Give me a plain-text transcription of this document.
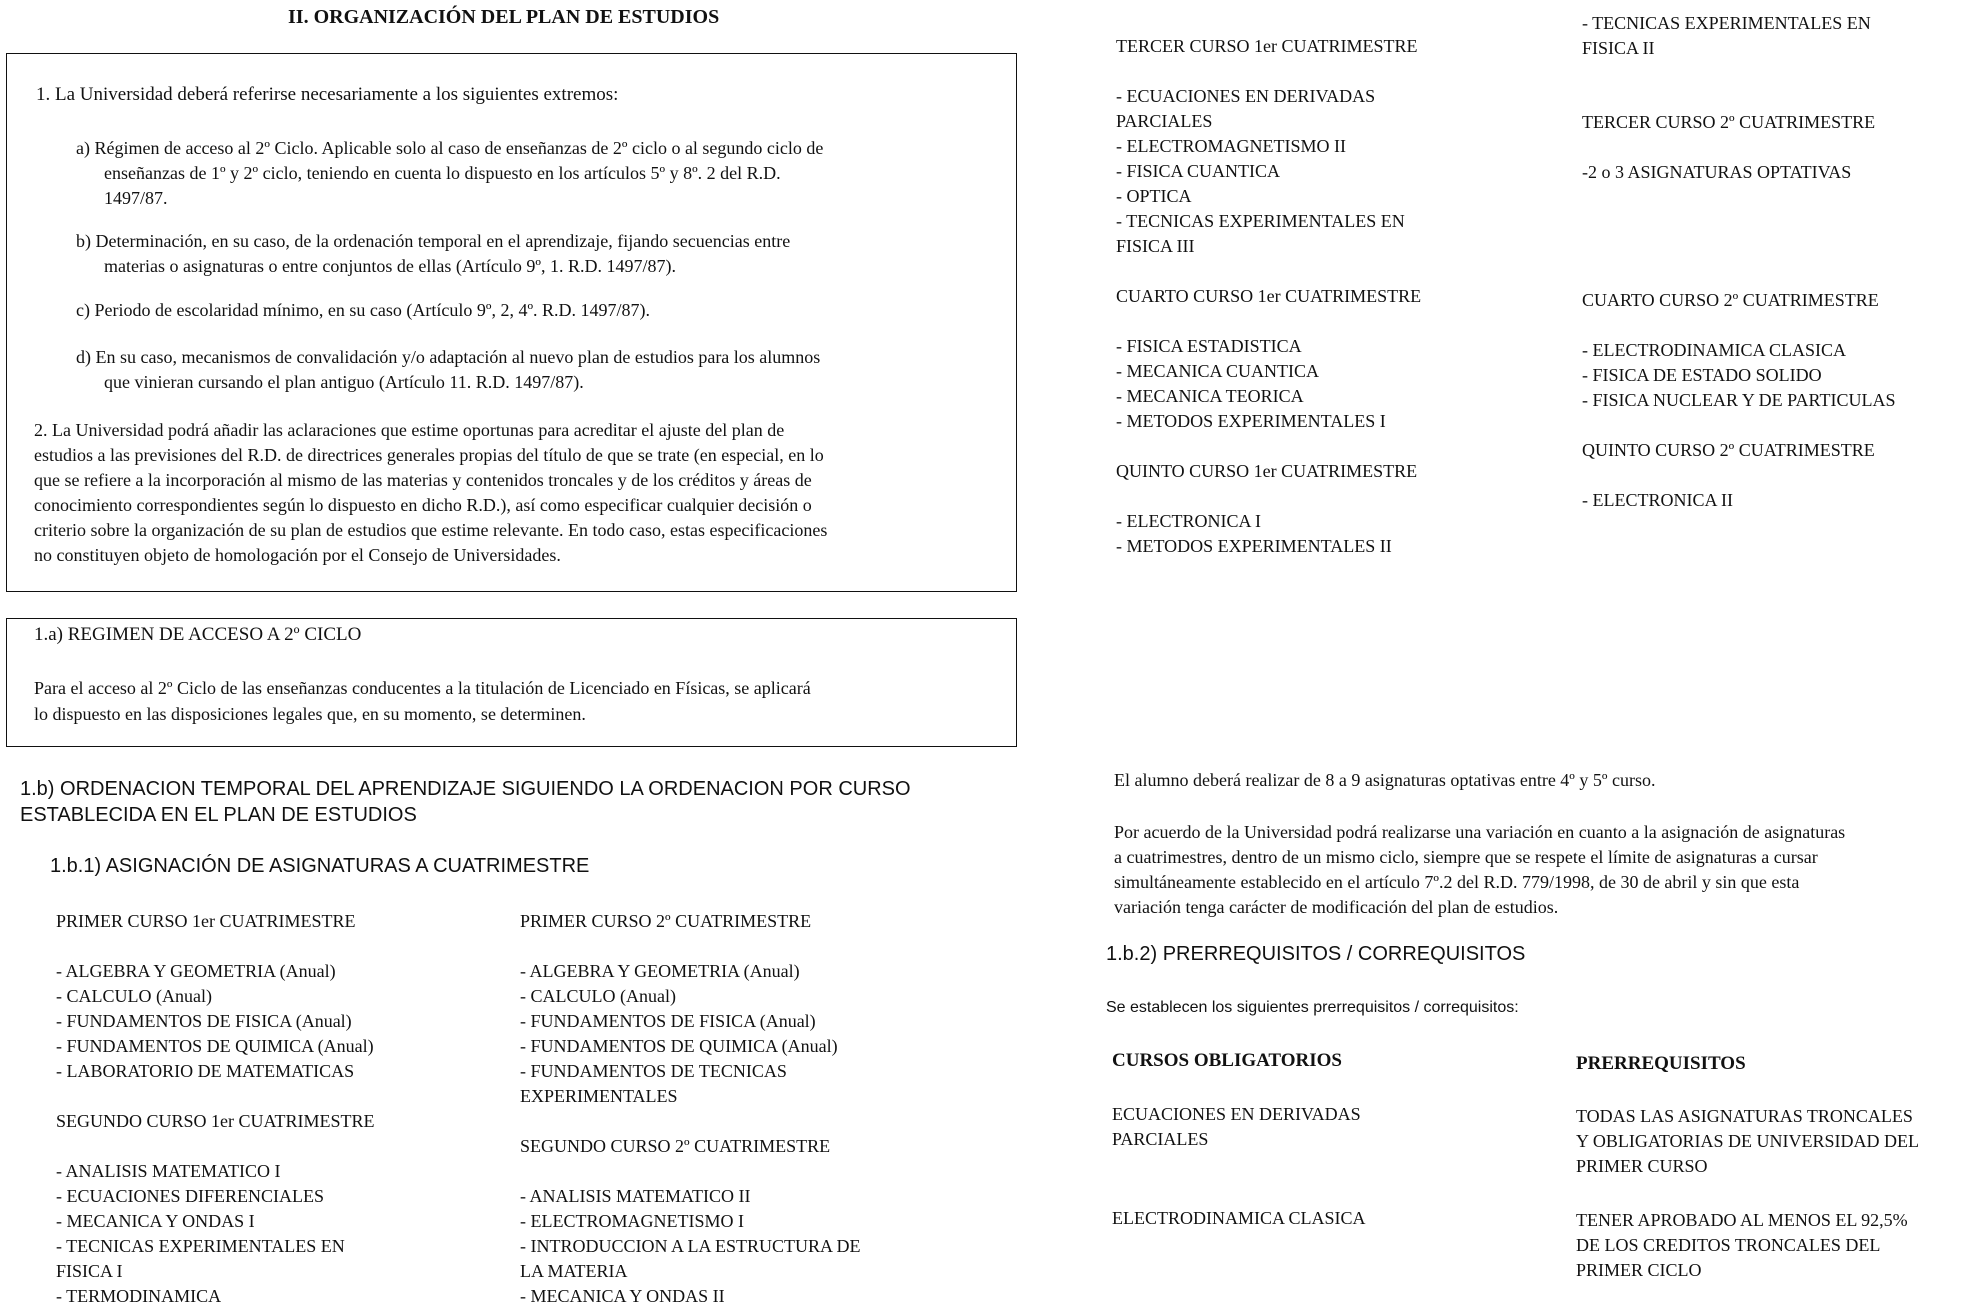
II. ORGANIZACIÓN DEL PLAN DE ESTUDIOS
1. La Universidad deberá referirse necesariamente a los siguientes extremos:
a) Régimen de acceso al 2º Ciclo. Aplicable solo al caso de enseñanzas de 2º ciclo o al segundo ciclo de
enseñanzas de 1º y 2º ciclo, teniendo en cuenta lo dispuesto en los artículos 5º y 8º. 2 del R.D.
1497/87.
b) Determinación, en su caso, de la ordenación temporal en el aprendizaje, fijando secuencias entre
materias o asignaturas o entre conjuntos de ellas (Artículo 9º, 1. R.D. 1497/87).
c) Periodo de escolaridad mínimo, en su caso (Artículo 9º, 2, 4º. R.D. 1497/87).
d) En su caso, mecanismos de convalidación y/o adaptación al nuevo plan de estudios para los alumnos
que vinieran cursando el plan antiguo (Artículo 11. R.D. 1497/87).
2. La Universidad podrá añadir las aclaraciones que estime oportunas para acreditar el ajuste del plan de
estudios a las previsiones del R.D. de directrices generales propias del título de que se trate (en especial, en lo
que se refiere a la incorporación al mismo de las materias y contenidos troncales y de los créditos y áreas de
conocimiento correspondientes según lo dispuesto en dicho R.D.), así como especificar cualquier decisión o
criterio sobre la organización de su plan de estudios que estime relevante. En todo caso, estas especificaciones
no constituyen objeto de homologación por el Consejo de Universidades.
1.a) REGIMEN DE ACCESO A 2º CICLO
Para el acceso al 2º Ciclo de las enseñanzas conducentes a la titulación de Licenciado en Físicas, se aplicará
lo dispuesto en las disposiciones legales que, en su momento, se determinen.
1.b) ORDENACION TEMPORAL DEL APRENDIZAJE SIGUIENDO LA ORDENACION POR CURSO
ESTABLECIDA EN EL PLAN DE ESTUDIOS
1.b.1) ASIGNACIÓN DE ASIGNATURAS A CUATRIMESTRE
PRIMER CURSO 1er CUATRIMESTRE
- ALGEBRA Y GEOMETRIA (Anual)
- CALCULO (Anual)
- FUNDAMENTOS DE FISICA (Anual)
- FUNDAMENTOS DE QUIMICA (Anual)
- LABORATORIO DE MATEMATICAS
SEGUNDO CURSO 1er CUATRIMESTRE
- ANALISIS MATEMATICO I
- ECUACIONES DIFERENCIALES
- MECANICA Y ONDAS I
- TECNICAS EXPERIMENTALES EN
FISICA I
- TERMODINAMICA
PRIMER CURSO 2º CUATRIMESTRE
- ALGEBRA Y GEOMETRIA (Anual)
- CALCULO (Anual)
- FUNDAMENTOS DE FISICA (Anual)
- FUNDAMENTOS DE QUIMICA (Anual)
- FUNDAMENTOS DE TECNICAS
EXPERIMENTALES
SEGUNDO CURSO 2º CUATRIMESTRE
- ANALISIS MATEMATICO II
- ELECTROMAGNETISMO I
- INTRODUCCION A LA ESTRUCTURA DE
LA MATERIA
- MECANICA Y ONDAS II
TERCER CURSO 1er CUATRIMESTRE
- ECUACIONES EN DERIVADAS
PARCIALES
- ELECTROMAGNETISMO II
- FISICA CUANTICA
- OPTICA
- TECNICAS EXPERIMENTALES EN
FISICA III
CUARTO CURSO 1er CUATRIMESTRE
- FISICA ESTADISTICA
- MECANICA CUANTICA
- MECANICA TEORICA
- METODOS EXPERIMENTALES I
QUINTO CURSO 1er CUATRIMESTRE
- ELECTRONICA I
- METODOS EXPERIMENTALES II
- TECNICAS EXPERIMENTALES EN
FISICA II
TERCER CURSO 2º CUATRIMESTRE
-2 o 3 ASIGNATURAS OPTATIVAS
CUARTO CURSO 2º CUATRIMESTRE
- ELECTRODINAMICA CLASICA
- FISICA DE ESTADO SOLIDO
- FISICA NUCLEAR Y DE PARTICULAS
QUINTO CURSO 2º CUATRIMESTRE
- ELECTRONICA II
El alumno deberá realizar de 8 a 9 asignaturas optativas entre 4º y 5º curso.
Por acuerdo de la Universidad podrá realizarse una variación en cuanto a la asignación de asignaturas
a cuatrimestres, dentro de un mismo ciclo, siempre que se respete el límite de asignaturas a cursar
simultáneamente establecido en el artículo 7º.2 del R.D. 779/1998, de 30 de abril y sin que esta
variación tenga carácter de modificación del plan de estudios.
1.b.2) PRERREQUISITOS / CORREQUISITOS
Se establecen los siguientes prerrequisitos / correquisitos:
CURSOS OBLIGATORIOS	PRERREQUISITOS
ECUACIONES EN DERIVADAS
PARCIALES
TODAS LAS ASIGNATURAS TRONCALES
Y OBLIGATORIAS DE UNIVERSIDAD DEL
PRIMER CURSO
ELECTRODINAMICA CLASICA	TENER APROBADO AL MENOS EL 92,5%
DE LOS CREDITOS TRONCALES DEL
PRIMER CICLO
